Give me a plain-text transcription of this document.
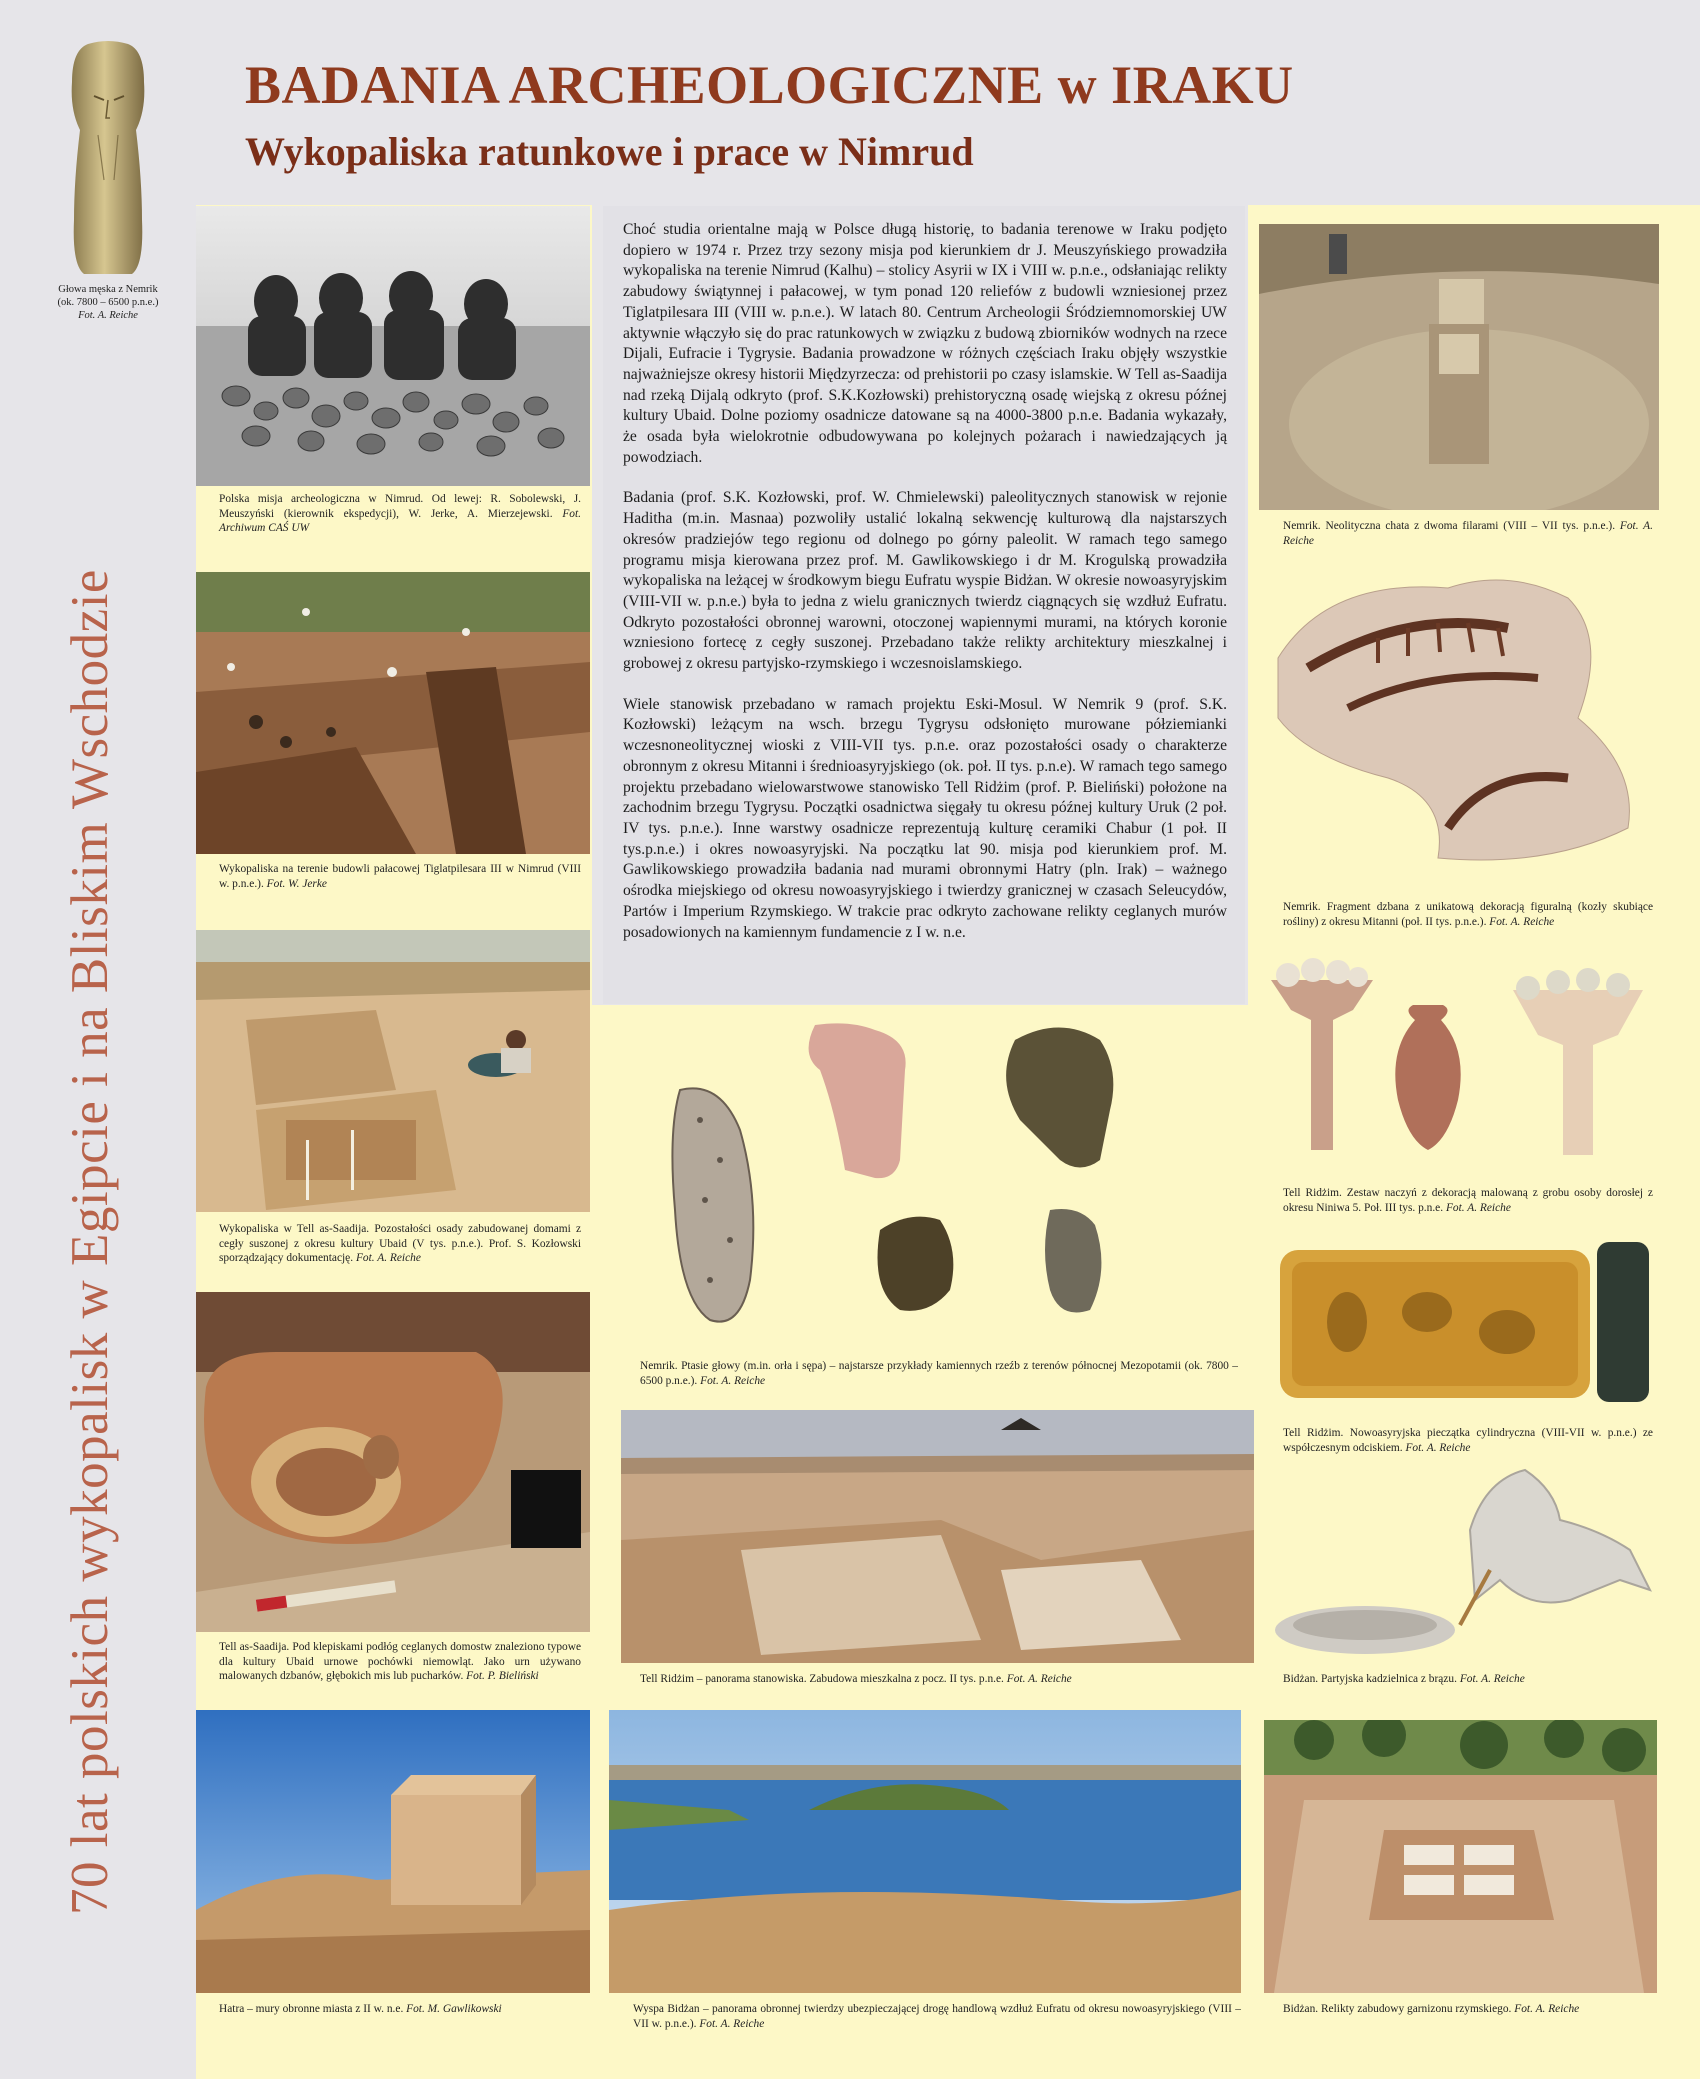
Głowa męska z Nemrik
(ok. 7800 – 6500 p.n.e.)
Fot. A. Reiche
70 lat polskich wykopalisk w Egipcie i na Bliskim Wschodzie
BADANIA ARCHEOLOGICZNE w IRAKU
Wykopaliska ratunkowe i prace w Nimrud

Choć studia orientalne mają w Polsce długą historię, to badania terenowe w Iraku podjęto dopiero w 1974 r. Przez trzy sezony misja pod kierunkiem dr J. Meuszyńskiego prowadziła wykopaliska na terenie Nimrud (Kalhu) – stolicy Asyrii w IX i VIII w. p.n.e., odsłaniając relikty zabudowy świątynnej i pałacowej, w tym ponad 120 reliefów z budowli wzniesionej przez Tiglatpilesara III (VIII w. p.n.e.). W latach 80. Centrum Archeologii Śródziemnomorskiej UW aktywnie włączyło się do prac ratunkowych w związku z budową zbiorników wodnych na rzece Dijali, Eufracie i Tygrysie. Badania prowadzone w różnych częściach Iraku objęły wszystkie najważniejsze okresy historii Międzyrzecza: od prehistorii po czasy islamskie. W Tell as-Saadija nad rzeką Dijalą odkryto (prof. S.K.Kozłowski) prehistoryczną osadę wiejską z okresu późnej kultury Ubaid. Dolne poziomy osadnicze datowane są na 4000-3800 p.n.e. Badania wykazały, że osada była wielokrotnie odbudowywana po kolejnych pożarach i nawiedzających ją powodziach.

Badania (prof. S.K. Kozłowski, prof. W. Chmielewski) paleolitycznych stanowisk w rejonie Haditha (m.in. Masnaa) pozwoliły ustalić lokalną sekwencję kulturową dla najstarszych okresów pradziejów tego regionu od dolnego po górny paleolit. W ramach tego samego programu misja kierowana przez prof. M. Gawlikowskiego i dr M. Krogulską prowadziła wykopaliska na leżącej w środkowym biegu Eufratu wyspie Bidżan. W okresie nowoasyryjskim (VIII-VII w. p.n.e.) była to jedna z wielu granicznych twierdz ciągnących się wzdłuż Eufratu. Odkryto pozostałości obronnej warowni, otoczonej wapiennymi murami, na których koronie wzniesiono fortecę z cegły suszonej. Przebadano także relikty architektury mieszkalnej i grobowej z okresu partyjsko-rzymskiego i wczesnoislamskiego.

Wiele stanowisk przebadano w ramach projektu Eski-Mosul. W Nemrik 9 (prof. S.K. Kozłowski) leżącym na wsch. brzegu Tygrysu odsłonięto murowane półziemianki wczesnoneolitycznej wioski z VIII-VII tys. p.n.e. oraz pozostałości osady o charakterze obronnym z okresu Mitanni i średnioasyryjskiego (ok. poł. II tys. p.n.e). W ramach tego samego projektu przebadano wielowarstwowe stanowisko Tell Ridżim (prof. P. Bieliński) położone na zachodnim brzegu Tygrysu. Początki osadnictwa sięgały tu okresu późnej kultury Uruk (2 poł. IV tys. p.n.e.). Inne warstwy osadnicze reprezentują kulturę ceramiki Chabur (1 poł. II tys.p.n.e.) i okres nowoasyryjski. Na początku lat 90. misja pod kierunkiem prof. M. Gawlikowskiego prowadziła badania nad murami obronnymi Hatry (pln. Irak) – ważnego ośrodka miejskiego od okresu nowoasyryjskiego i twierdzy granicznej w czasach Seleucydów, Partów i Imperium Rzymskiego. W trakcie prac odkryto zachowane relikty ceglanych murów posadowionych na kamiennym fundamencie z I w. n.e.

Polska misja archeologiczna w Nimrud. Od lewej: R. Sobolewski, J. Meuszyński (kierownik ekspedycji), W. Jerke, A. Mierzejewski. Fot. Archiwum CAŚ UW
Wykopaliska na terenie budowli pałacowej Tiglatpilesara III w Nimrud (VIII w. p.n.e.). Fot. W. Jerke
Wykopaliska w Tell as-Saadija. Pozostałości osady zabudowanej domami z cegły suszonej z okresu kultury Ubaid (V tys. p.n.e.). Prof. S. Kozłowski sporządzający dokumentację. Fot. A. Reiche
Tell as-Saadija. Pod klepiskami podłóg ceglanych domostw znaleziono typowe dla kultury Ubaid urnowe pochówki niemowląt. Jako urn używano malowanych dzbanów, głębokich mis lub pucharków. Fot. P. Bieliński
Hatra – mury obronne miasta z II w. n.e. Fot. M. Gawlikowski
Nemrik. Ptasie głowy (m.in. orła i sępa) – najstarsze przykłady kamiennych rzeźb z terenów północnej Mezopotamii (ok. 7800 – 6500 p.n.e.). Fot. A. Reiche
Tell Ridżim – panorama stanowiska. Zabudowa mieszkalna z pocz. II tys. p.n.e. Fot. A. Reiche
Wyspa Bidżan – panorama obronnej twierdzy ubezpieczającej drogę handlową wzdłuż Eufratu od okresu nowoasyryjskiego (VIII – VII w. p.n.e.). Fot. A. Reiche
Nemrik. Neolityczna chata z dwoma filarami (VIII – VII tys. p.n.e.). Fot. A. Reiche
Nemrik. Fragment dzbana z unikatową dekoracją figuralną (kozły skubiące rośliny) z okresu Mitanni (poł. II tys. p.n.e.). Fot. A. Reiche
Tell Ridżim. Zestaw naczyń z dekoracją malowaną z grobu osoby dorosłej z okresu Niniwa 5. Poł. III tys. p.n.e. Fot. A. Reiche
Tell Ridżim. Nowoasyryjska pieczątka cylindryczna (VIII-VII w. p.n.e.) ze współczesnym odciskiem. Fot. A. Reiche
Bidżan. Partyjska kadzielnica z brązu. Fot. A. Reiche
Bidżan. Relikty zabudowy garnizonu rzymskiego. Fot. A. Reiche
